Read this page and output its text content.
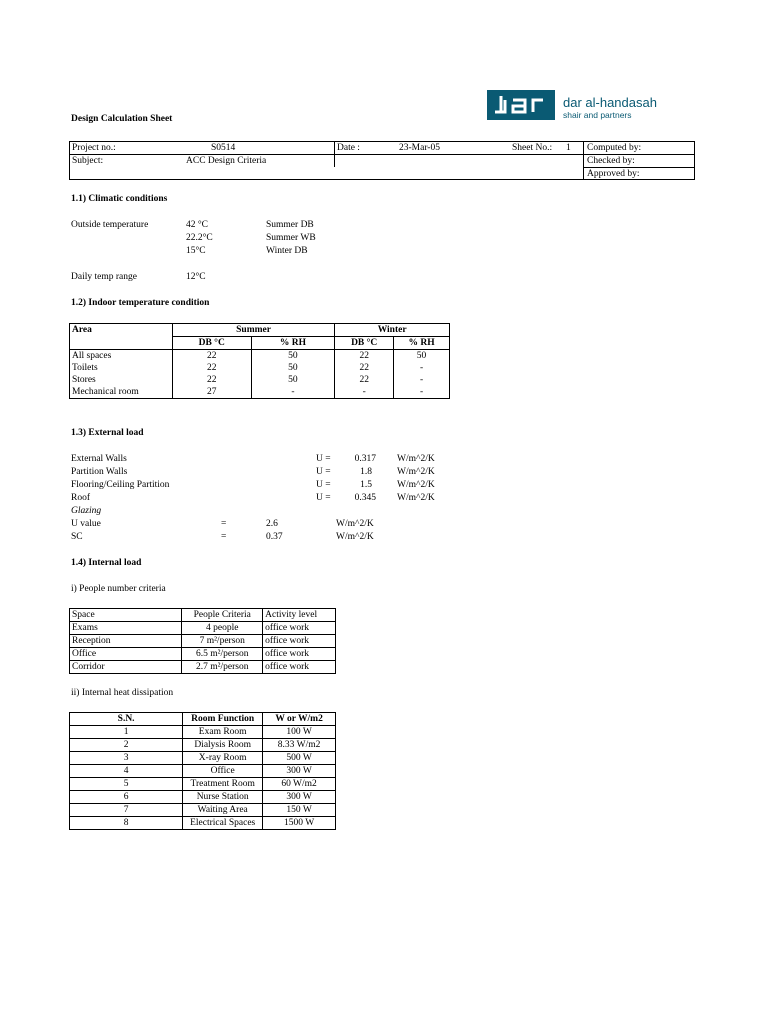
dar al-handasah
shair and partners
Design Calculation Sheet
Project no.:	S0514	Date :	23-Mar-05	Sheet No.: 1 Computed by:
Subject:	ACC Design Criteria	Checked by:
Approved by:
1.1) Climatic conditions
Outside temperature	42 °C	Summer DB
22.2°C	Summer WB
15°C	Winter DB
Daily temp range	12°C
1.2) Indoor temperature condition
Area	Summer		Winter	
	DB °C	% RH	DB °C	% RH
All spaces	22	50	22	50
Toilets	22	50	22	-
Stores	22	50	22	-
Mechanical room	27	-	-	-
1.3) External load
External Walls	U =	0.317 W/m^2/K
Partition Walls	U =	1.8	W/m^2/K
Flooring/Ceiling Partition	U =	1.5	W/m^2/K
Roof	U =	0.345 W/m^2/K
Glazing
U value	=	2.6	W/m^2/K
SC	=	0.37	W/m^2/K
1.4) Internal load
i) People number criteria
Space	People Criteria	Activity level
Exams	4 people	office work
Reception	7 m²/person	office work
Office	6.5 m²/person	office work
Corridor	2.7 m²/person	office work
ii) Internal heat dissipation
S.N.	Room Function	W or W/m2
1	Exam Room	100 W
2	Dialysis Room	8.33 W/m2
3	X-ray Room	500 W
4	Office	300 W
5	Treatment Room	60 W/m2
6	Nurse Station	300 W
7	Waiting Area	150 W
8	Electrical Spaces	1500 W
